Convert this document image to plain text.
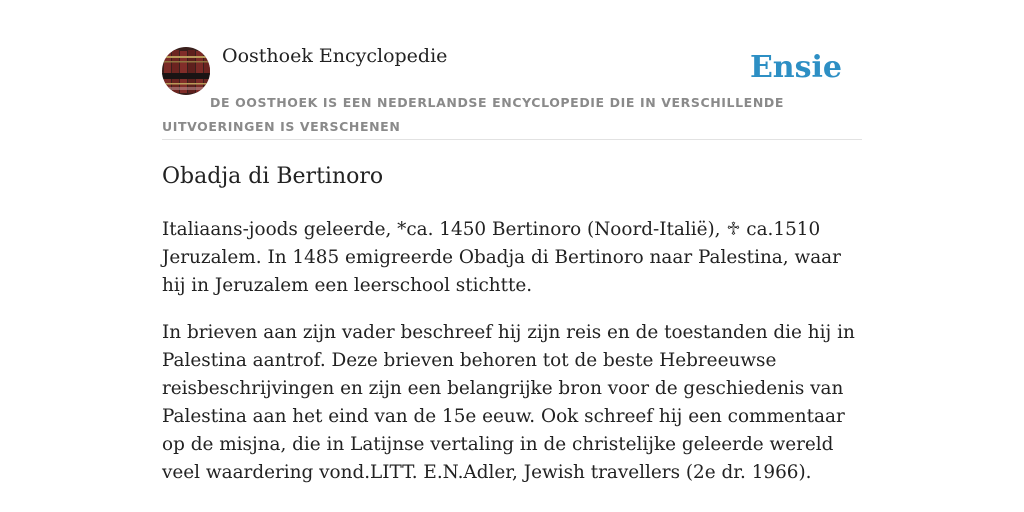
Oosthoek Encyclopedie	Ensie

DE OOSTHOEK IS EEN NEDERLANDSE ENCYCLOPEDIE DIE IN VERSCHILLENDE UITVOERINGEN IS VERSCHENEN

Obadja di Bertinoro

Italiaans-joods geleerde, *ca. 1450 Bertinoro (Noord-Italië), ♱ ca.1510 Jeruzalem. In 1485 emigreerde Obadja di Bertinoro naar Palestina, waar hij in Jeruzalem een leerschool stichtte.

In brieven aan zijn vader beschreef hij zijn reis en de toestanden die hij in Palestina aantrof. Deze brieven behoren tot de beste Hebreeuwse reisbeschrijvingen en zijn een belangrijke bron voor de geschiedenis van Palestina aan het eind van de 15e eeuw. Ook schreef hij een commentaar op de misjna, die in Latijnse vertaling in de christelijke geleerde wereld veel waardering vond.LITT. E.N.Adler, Jewish travellers (2e dr. 1966).
